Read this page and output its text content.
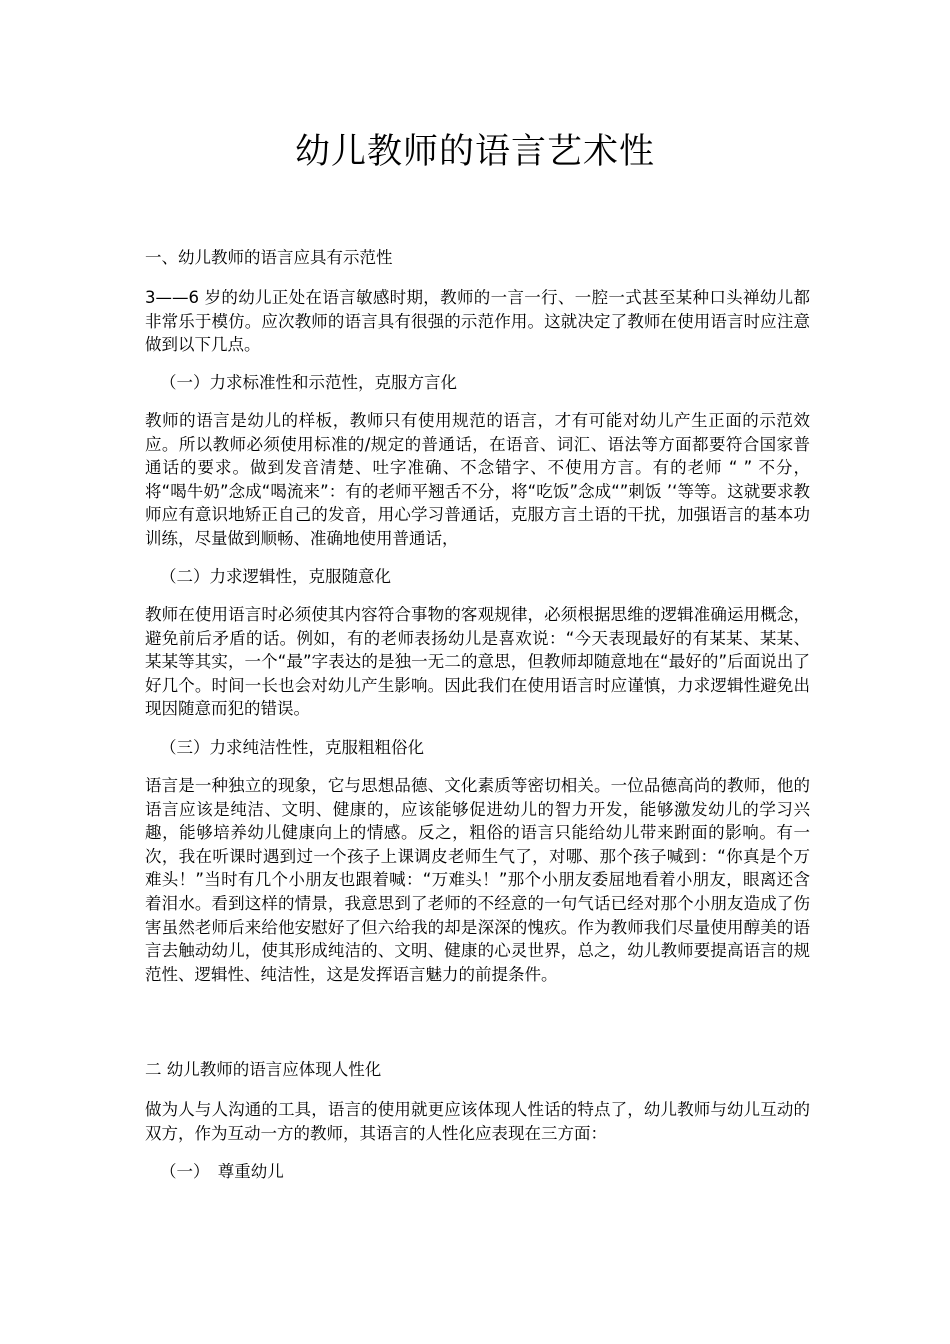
幼儿教师的语言艺术性

一、幼儿教师的语言应具有示范性

3——6 岁的幼儿正处在语言敏感时期，教师的一言一行、一腔一式甚至某种口头禅幼儿都非常乐于模仿。应次教师的语言具有很强的示范作用。这就决定了教师在使用语言时应注意做到以下几点。

（一）力求标准性和示范性，克服方言化

教师的语言是幼儿的样板，教师只有使用规范的语言，才有可能对幼儿产生正面的示范效应。所以教师必须使用标准的/规定的普通话，在语音、词汇、语法等方面都要符合国家普通话的要求。做到发音清楚、吐字准确、不念错字、不使用方言。有的老师 “ ” 不分，将“喝牛奶”念成“喝流来”：有的老师平翘舌不分，将“吃饭”念成“”刺饭 ’‘等等。这就要求教师应有意识地矫正自己的发音，用心学习普通话，克服方言土语的干扰，加强语言的基本功训练，尽量做到顺畅、准确地使用普通话，

（二）力求逻辑性，克服随意化

教师在使用语言时必须使其内容符合事物的客观规律，必须根据思维的逻辑准确运用概念，避免前后矛盾的话。例如，有的老师表扬幼儿是喜欢说：“今天表现最好的有某某、某某、某某等其实，一个“最”字表达的是独一无二的意思，但教师却随意地在“最好的”后面说出了好几个。时间一长也会对幼儿产生影响。因此我们在使用语言时应谨慎，力求逻辑性避免出现因随意而犯的错误。

（三）力求纯洁性性，克服粗粗俗化

语言是一种独立的现象，它与思想品德、文化素质等密切相关。一位品德高尚的教师，他的语言应该是纯洁、文明、健康的，应该能够促进幼儿的智力开发，能够激发幼儿的学习兴趣，能够培养幼儿健康向上的情感。反之，粗俗的语言只能给幼儿带来跗面的影响。有一次，我在听课时遇到过一个孩子上课调皮老师生气了，对哪、那个孩子喊到：“你真是个万难头！”当时有几个小朋友也跟着喊：“万难头！”那个小朋友委屈地看着小朋友，眼离还含着泪水。看到这样的情景，我意思到了老师的不经意的一句气话已经对那个小朋友造成了伤害虽然老师后来给他安慰好了但六给我的却是深深的愧疚。作为教师我们尽量使用醇美的语言去触动幼儿，使其形成纯洁的、文明、健康的心灵世界，总之，幼儿教师要提高语言的规范性、逻辑性、纯洁性，这是发挥语言魅力的前提条件。

二 幼儿教师的语言应体现人性化

做为人与人沟通的工具，语言的使用就更应该体现人性话的特点了，幼儿教师与幼儿互动的双方，作为互动一方的教师，其语言的人性化应表现在三方面：

（一）　尊重幼儿
